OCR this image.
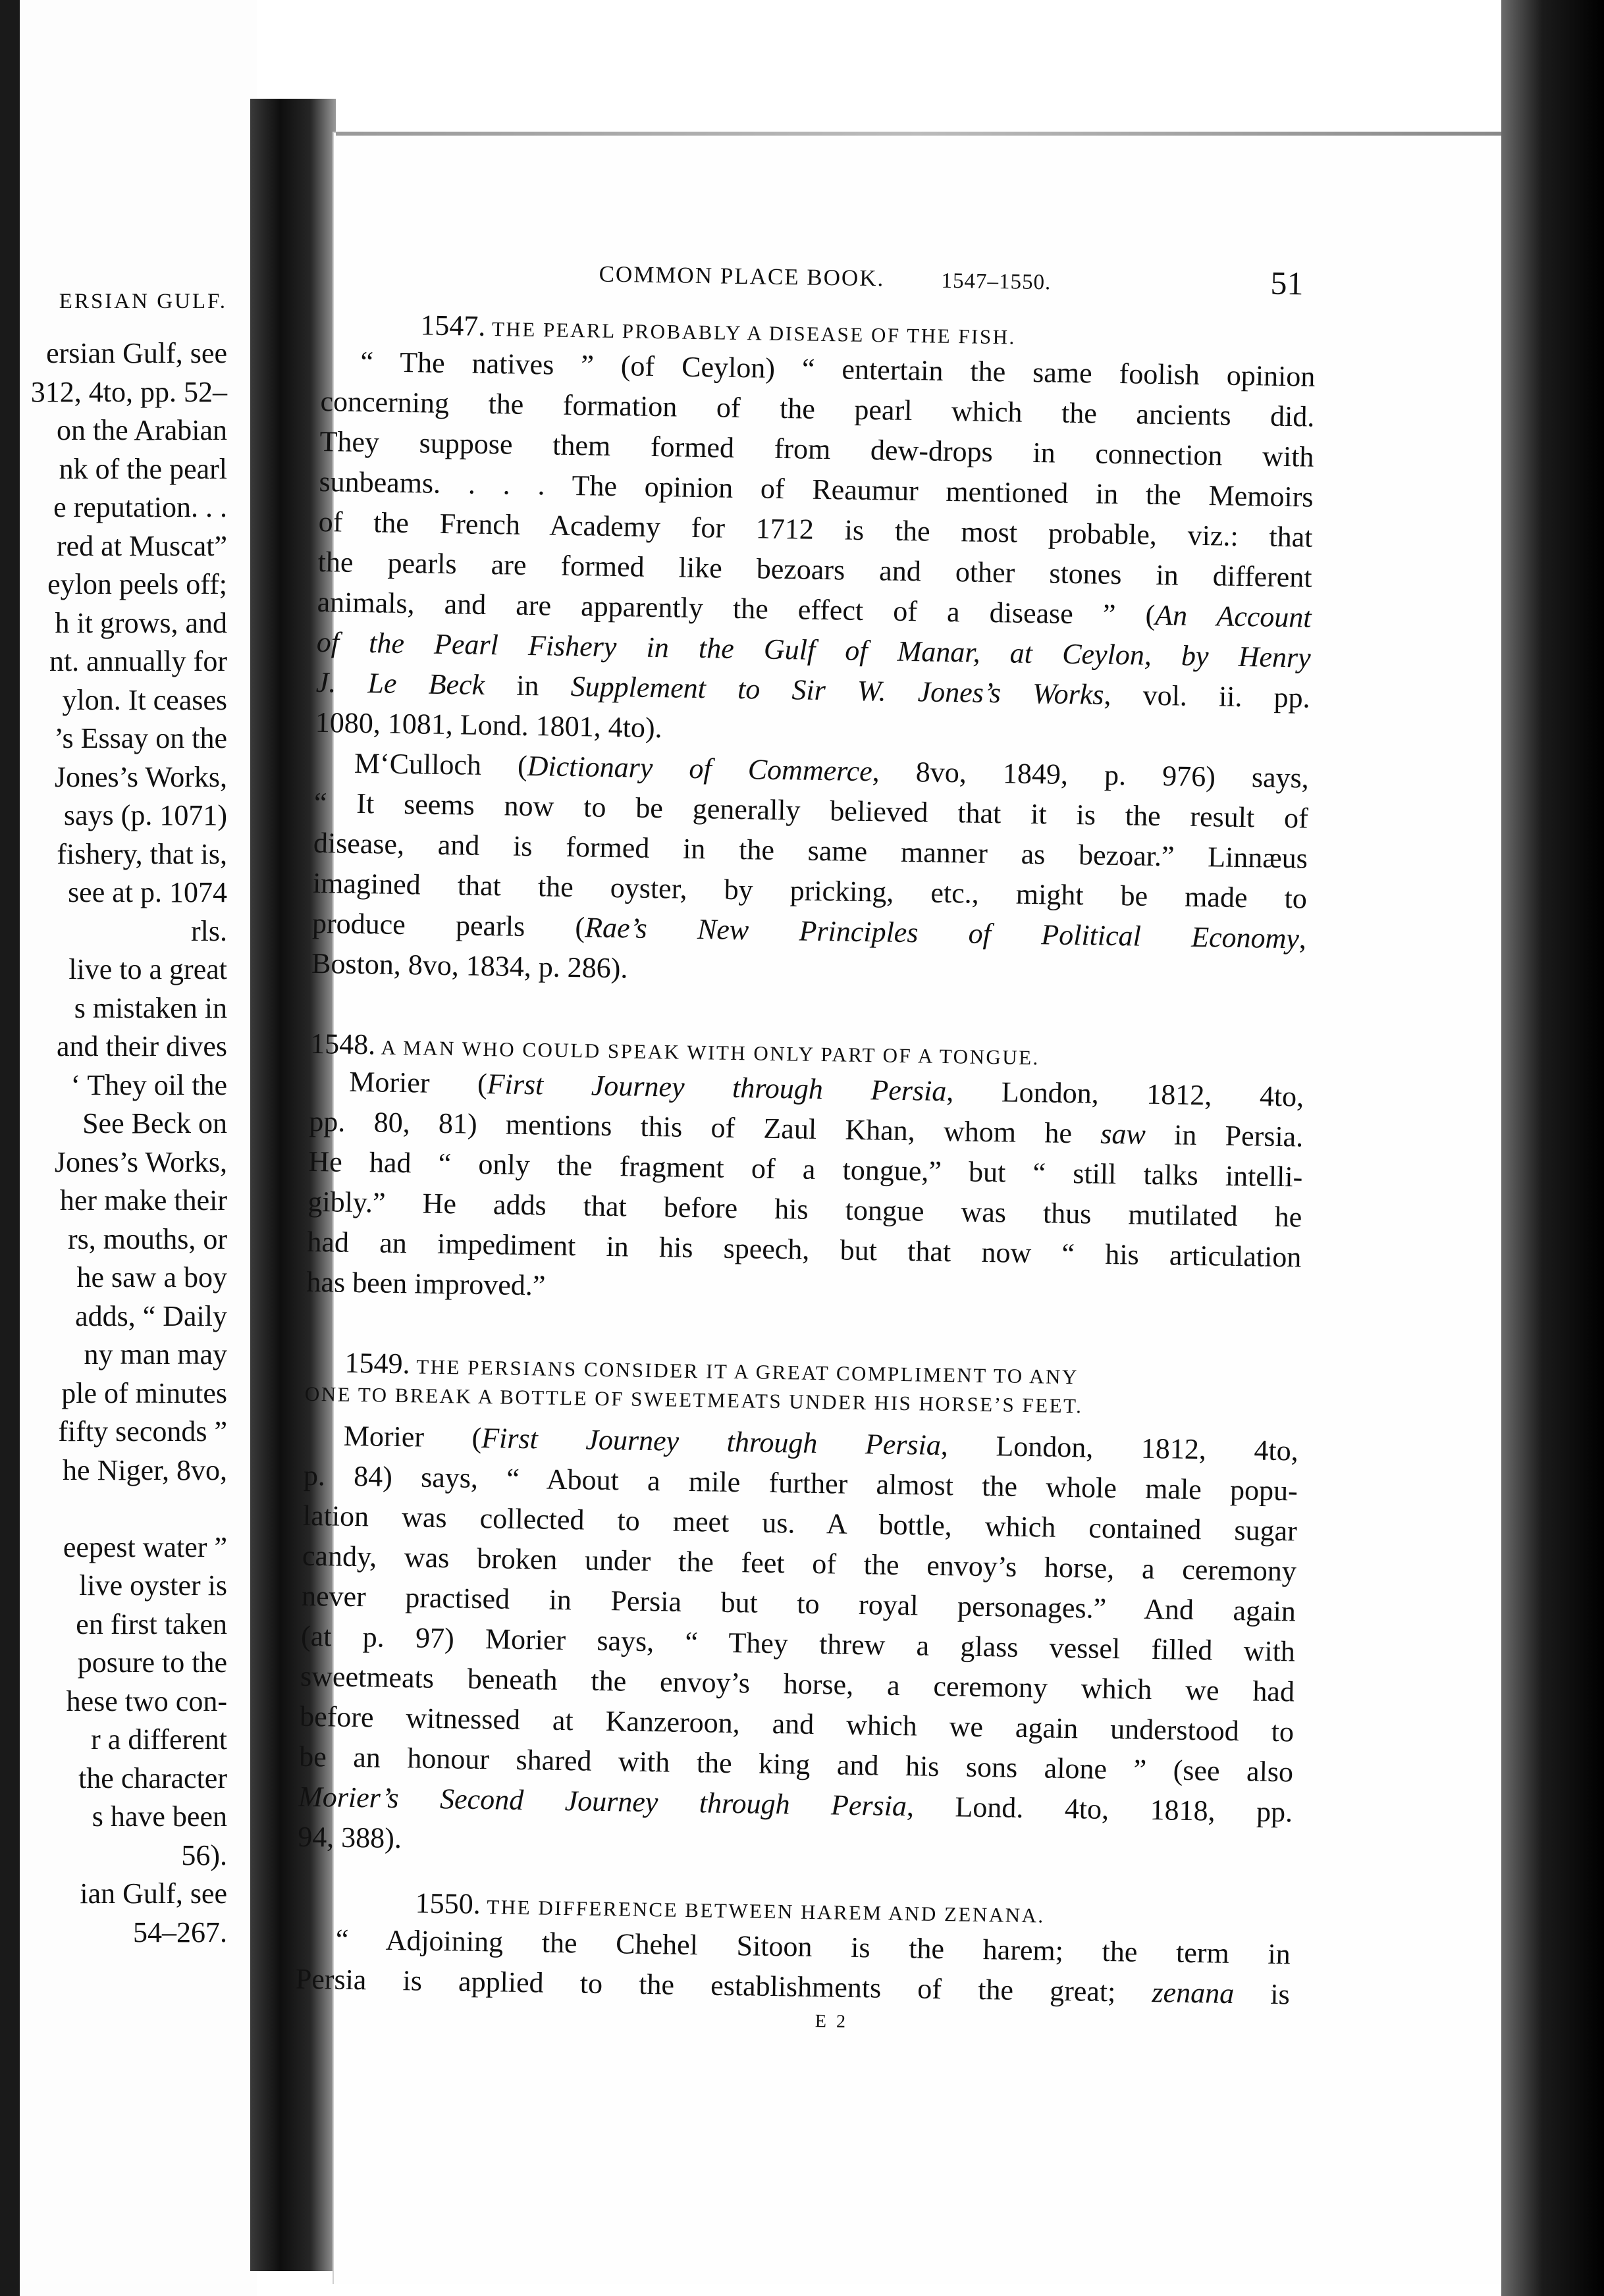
ERSIAN GULF.
ersian Gulf, see
312, 4to, pp. 52–
on the Arabian
nk of the pearl
e reputation. . .
red at Muscat”
eylon peels off;
h it grows, and
nt. annually for
ylon. It ceases
’s Essay on the
Jones’s Works,
says (p. 1071)
fishery, that is,
see at p. 1074
rls.
live to a great
s mistaken in
and their dives
‘ They oil the
See Beck on
Jones’s Works,
her make their
rs, mouths, or
he saw a boy
adds, “ Daily
ny man may
ple of minutes
fifty seconds ”
he Niger, 8vo,
eepest water ”
live oyster is
en first taken
posure to the
hese two con-
r a different
the character
s have been
56).
ian Gulf, see
54–267.
COMMON PLACE BOOK.	1547–1550.	51
1547. THE PEARL PROBABLY A DISEASE OF THE FISH.
“ The natives ” (of Ceylon) “ entertain the same foolish opinion
concerning the formation of the pearl which the ancients did.
They suppose them formed from dew-drops in connection with
sunbeams. . . . The opinion of Reaumur mentioned in the Memoirs
of the French Academy for 1712 is the most probable, viz.: that
the pearls are formed like bezoars and other stones in different
animals, and are apparently the effect of a disease ” (An Account
of the Pearl Fishery in the Gulf of Manar, at Ceylon, by Henry
J. Le Beck in Supplement to Sir W. Jones’s Works, vol. ii. pp.
1080, 1081, Lond. 1801, 4to).
M‘Culloch (Dictionary of Commerce, 8vo, 1849, p. 976) says,
“ It seems now to be generally believed that it is the result of
disease, and is formed in the same manner as bezoar.” Linnæus
imagined that the oyster, by pricking, etc., might be made to
produce pearls (Rae’s New Principles of Political Economy,
Boston, 8vo, 1834, p. 286).
1548. A MAN WHO COULD SPEAK WITH ONLY PART OF A TONGUE.
Morier (First Journey through Persia, London, 1812, 4to,
pp. 80, 81) mentions this of Zaul Khan, whom he saw in Persia.
He had “ only the fragment of a tongue,” but “ still talks intelli-
gibly.” He adds that before his tongue was thus mutilated he
had an impediment in his speech, but that now “ his articulation
has been improved.”
1549. THE PERSIANS CONSIDER IT A GREAT COMPLIMENT TO ANY
ONE TO BREAK A BOTTLE OF SWEETMEATS UNDER HIS HORSE’S FEET.
Morier (First Journey through Persia, London, 1812, 4to,
p. 84) says, “ About a mile further almost the whole male popu-
lation was collected to meet us. A bottle, which contained sugar
candy, was broken under the feet of the envoy’s horse, a ceremony
never practised in Persia but to royal personages.” And again
(at p. 97) Morier says, “ They threw a glass vessel filled with
sweetmeats beneath the envoy’s horse, a ceremony which we had
before witnessed at Kanzeroon, and which we again understood to
be an honour shared with the king and his sons alone ” (see also
Morier’s Second Journey through Persia, Lond. 4to, 1818, pp.
94, 388).
1550. THE DIFFERENCE BETWEEN HAREM AND ZENANA.
“ Adjoining the Chehel Sitoon is the harem; the term in
Persia is applied to the establishments of the great; zenana is
E 2
